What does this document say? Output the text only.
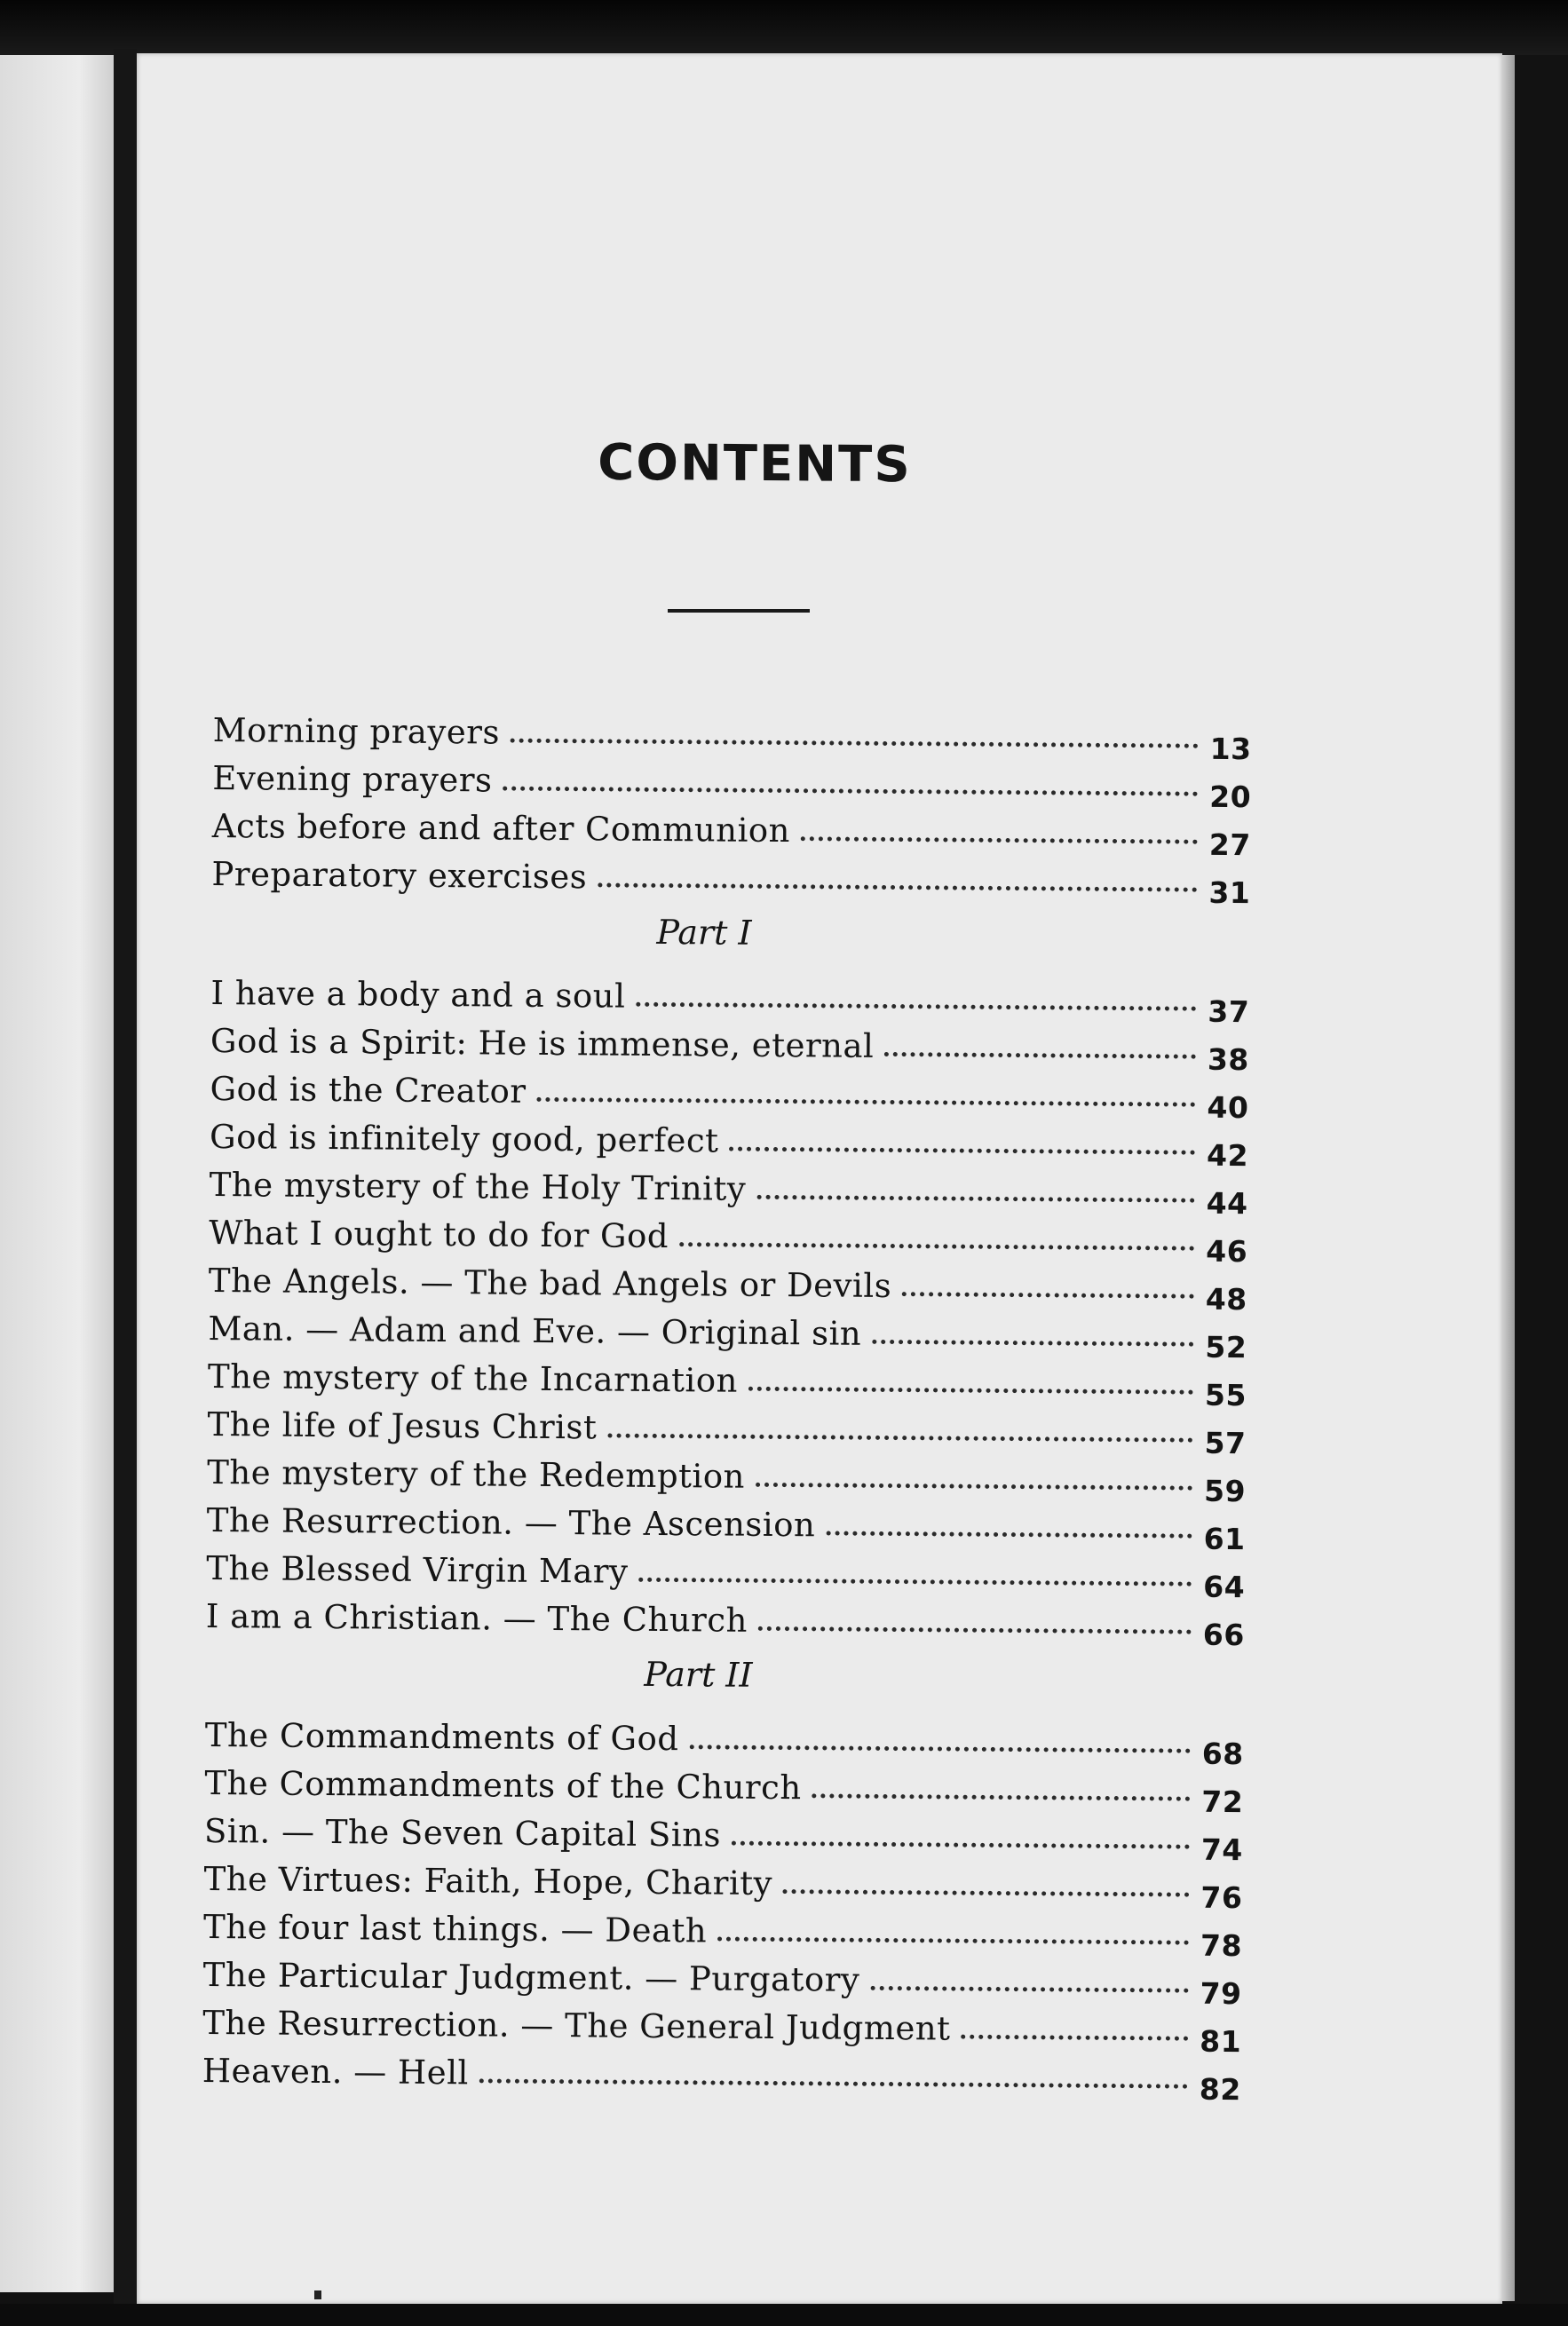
CONTENTS
Morning prayers	13
Evening prayers	20
Acts before and after Communion	27
Preparatory exercises	31
Part I
I have a body and a soul	37
God is a Spirit: He is immense, eternal	38
God is the Creator	40
God is infinitely good, perfect	42
The mystery of the Holy Trinity	44
What I ought to do for God	46
The Angels. — The bad Angels or Devils	48
Man. — Adam and Eve. — Original sin	52
The mystery of the Incarnation	55
The life of Jesus Christ	57
The mystery of the Redemption	59
The Resurrection. — The Ascension	61
The Blessed Virgin Mary	64
I am a Christian. — The Church	66
Part II
The Commandments of God	68
The Commandments of the Church	72
Sin. — The Seven Capital Sins	74
The Virtues: Faith, Hope, Charity	76
The four last things. — Death	78
The Particular Judgment. — Purgatory	79
The Resurrection. — The General Judgment	81
Heaven. — Hell	82
